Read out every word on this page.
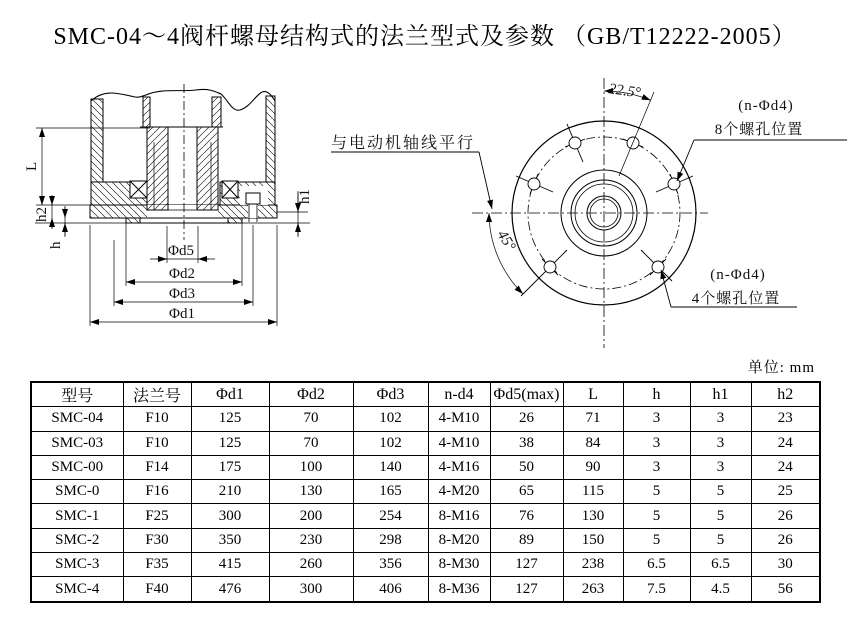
SMC-04～4阀杆螺母结构式的法兰型式及参数 （GB/T12222-2005）
L
h2
h
h1
Φd5
Φd2
Φd3
Φd1
22.5°
45°
与电动机轴线平行
(n-Φd4)
8个螺孔位置
(n-Φd4)
4个螺孔位置
单位: mm
型号	法兰号	Φd1	Φd2	Φd3	n-d4	Φd5(max)	L	h	h1	h2
SMC-04	F10	125	70	102	4-M10	26	71	3	3	23
SMC-03	F10	125	70	102	4-M10	38	84	3	3	24
SMC-00	F14	175	100	140	4-M16	50	90	3	3	24
SMC-0	F16	210	130	165	4-M20	65	115	5	5	25
SMC-1	F25	300	200	254	8-M16	76	130	5	5	26
SMC-2	F30	350	230	298	8-M20	89	150	5	5	26
SMC-3	F35	415	260	356	8-M30	127	238	6.5	6.5	30
SMC-4	F40	476	300	406	8-M36	127	263	7.5	4.5	56
